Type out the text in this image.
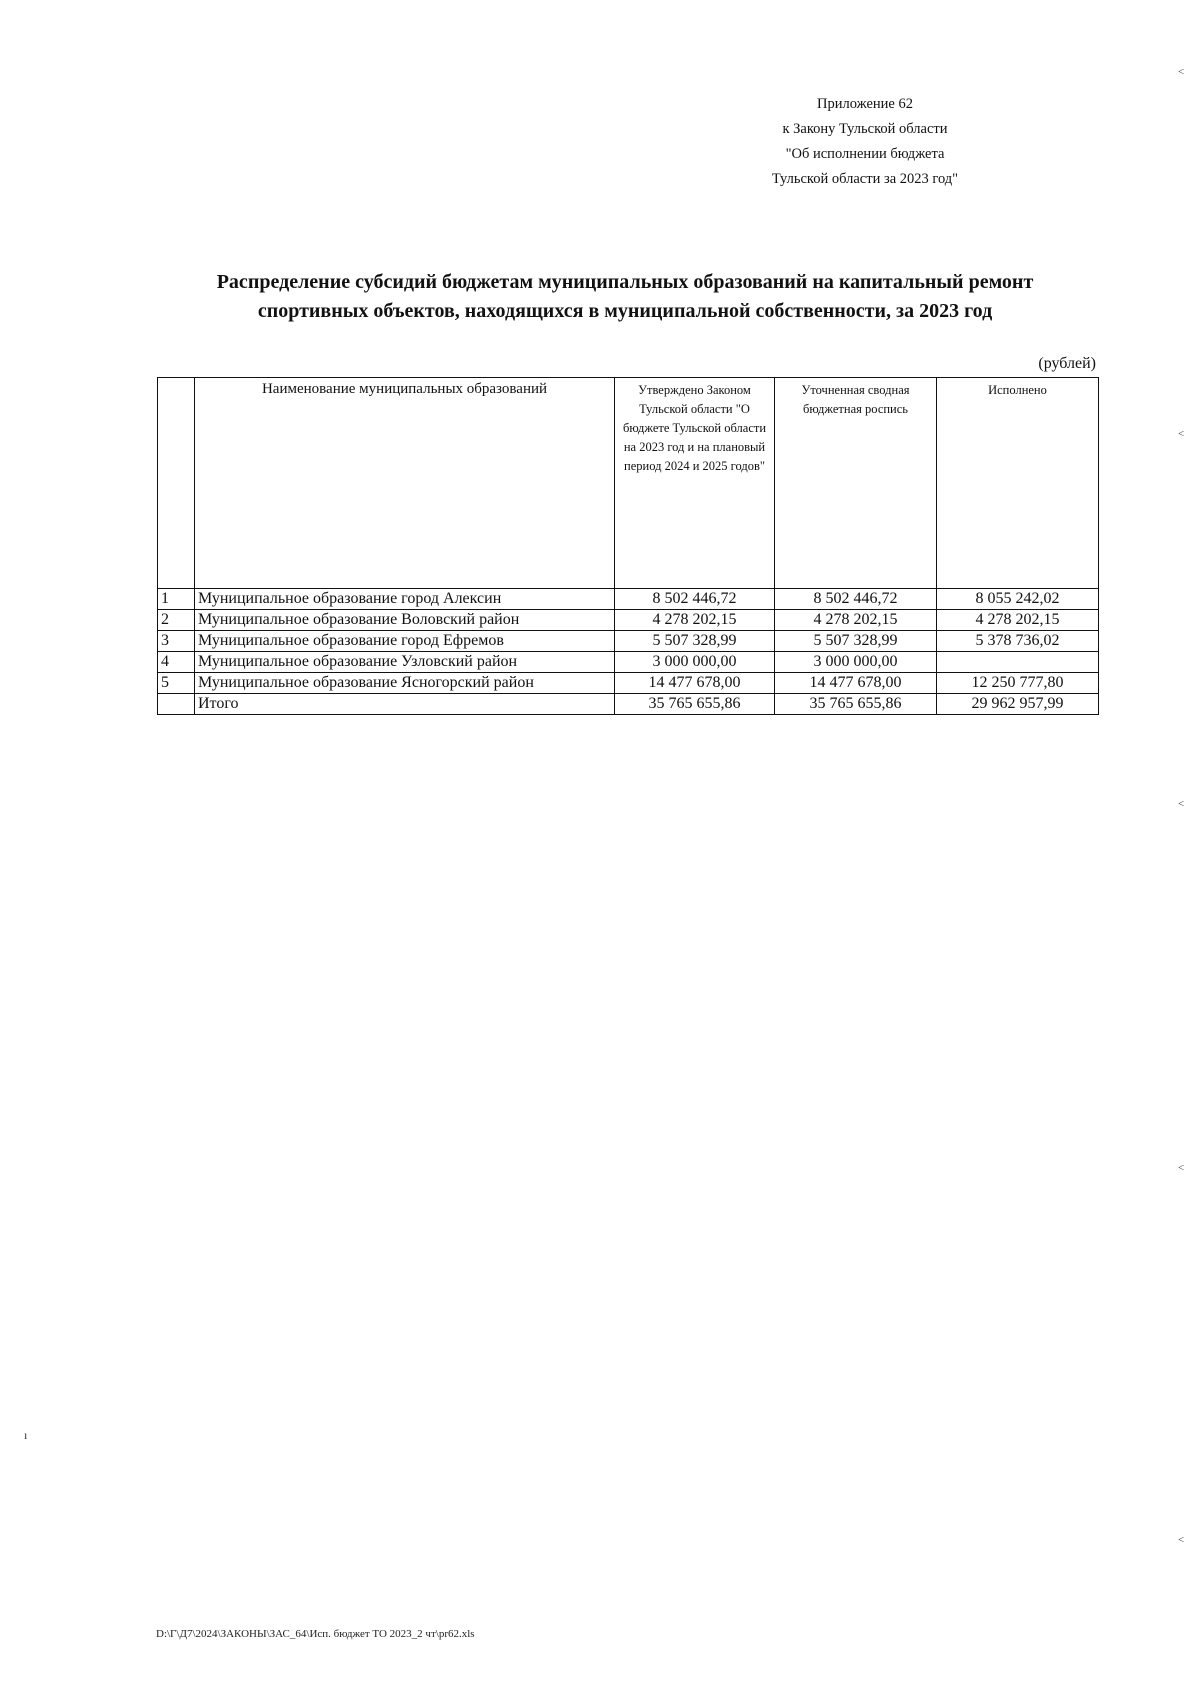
Приложение 62
к Закону Тульской области
"Об исполнении бюджета
Тульской области за 2023 год"
Распределение субсидий бюджетам муниципальных образований на капитальный ремонт
спортивных объектов, находящихся в муниципальной собственности, за 2023 год
(рублей)
	Наименование муниципальных образований	Утверждено Законом Тульской области "О бюджете Тульской области на 2023 год и на плановый период 2024 и 2025 годов"	Уточненная сводная бюджетная роспись	Исполнено
1	Муниципальное образование город Алексин	8 502 446,72	8 502 446,72	8 055 242,02
2	Муниципальное образование Воловский район	4 278 202,15	4 278 202,15	4 278 202,15
3	Муниципальное образование город Ефремов	5 507 328,99	5 507 328,99	5 378 736,02
4	Муниципальное образование Узловский район	3 000 000,00	3 000 000,00	
5	Муниципальное образование Ясногорский район	14 477 678,00	14 477 678,00	12 250 777,80
	Итого	35 765 655,86	35 765 655,86	29 962 957,99
˂
˂
˂
˂
˂
ı
D:\Г\Д7\2024\ЗАКОНЫ\ЗАС_64\Исп. бюджет ТО 2023_2 чт\pr62.xls
